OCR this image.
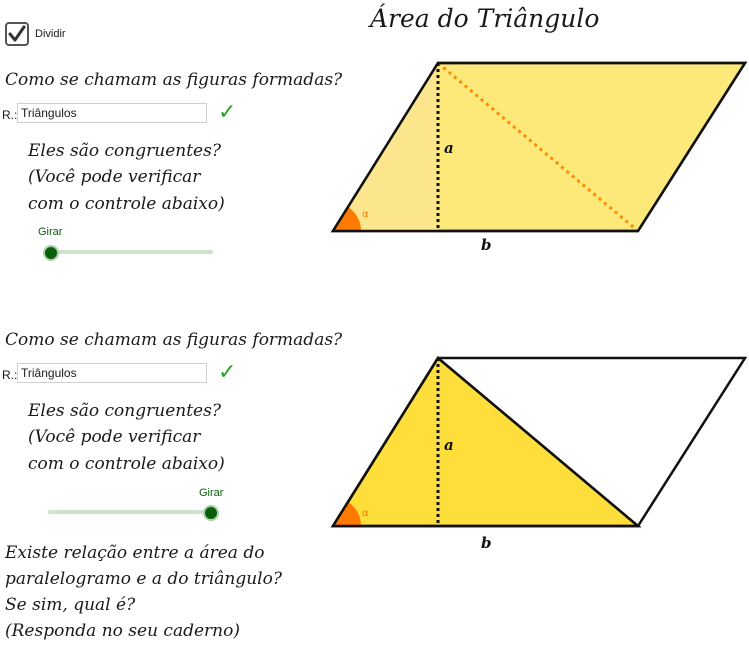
Área do Triângulo
Dividir
Como se chamam as figuras formadas?
R.: Triângulos	✓
Eles são congruentes?
(Você pode verificar
com o controle abaixo)
Girar
a
b
α
Como se chamam as figuras formadas?
R.: Triângulos	✓
Eles são congruentes?
(Você pode verificar
com o controle abaixo)
Girar
a
b
α
Existe relação entre a área do
paralelogramo e a do triângulo?
Se sim, qual é?
(Responda no seu caderno)
